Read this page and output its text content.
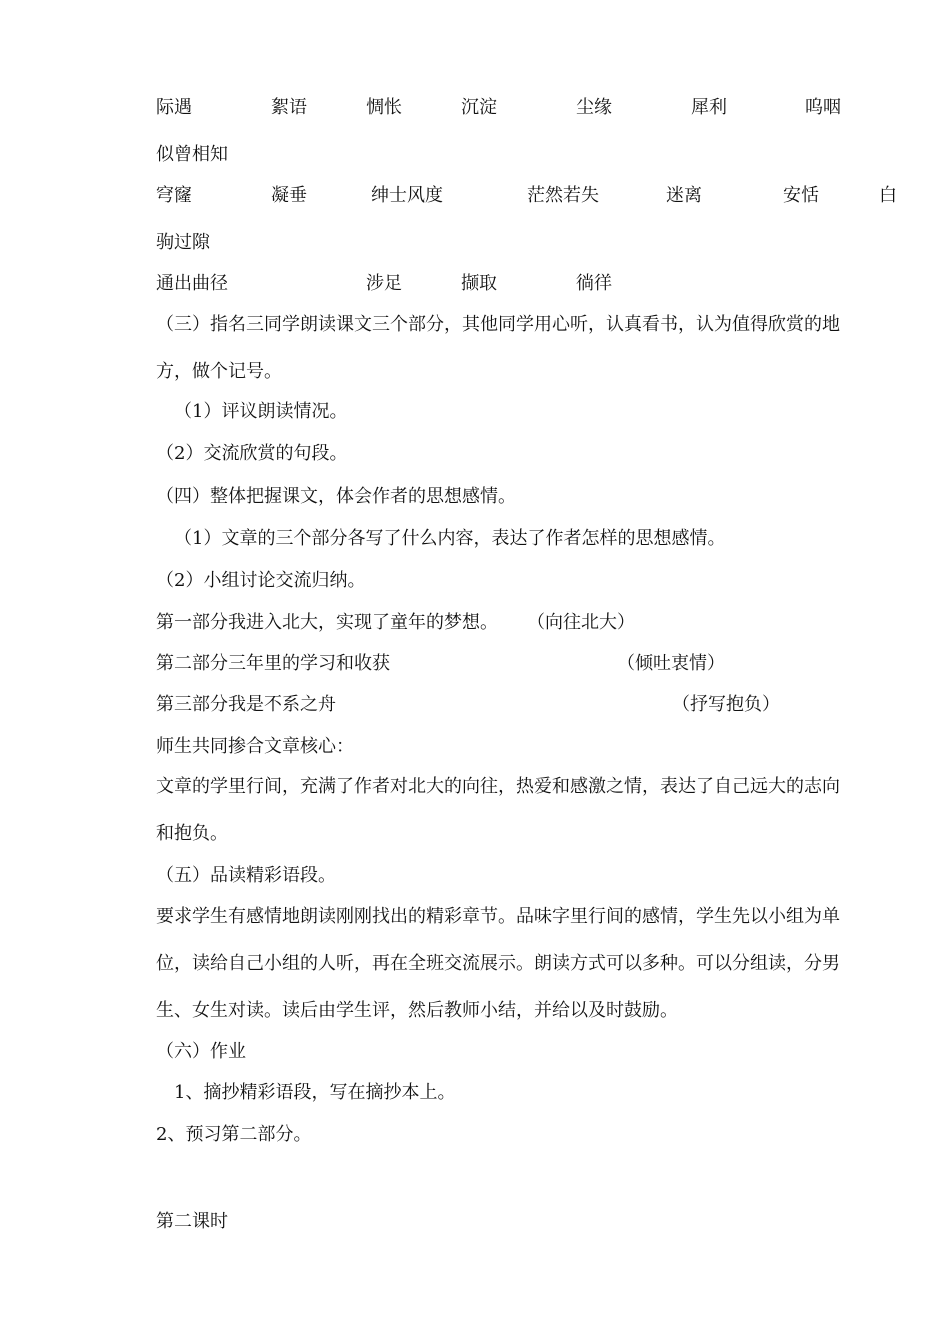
际遇	絮语	惆怅	沉淀	尘缘	犀利	呜咽
似曾相知
穹窿	凝垂	绅士风度	茫然若失	迷离	安恬	白
驹过隙
通出曲径	涉足	撷取	徜徉
（三）指名三同学朗读课文三个部分，其他同学用心听，认真看书，认为值得欣赏的地
方，做个记号。
（1）评议朗读情况。
（2）交流欣赏的句段。
（四）整体把握课文，体会作者的思想感情。
（1）文章的三个部分各写了什么内容，表达了作者怎样的思想感情。
（2）小组讨论交流归纳。
第一部分我进入北大，实现了童年的梦想。 （向往北大）
第二部分三年里的学习和收获	（倾吐衷情）
第三部分我是不系之舟	（抒写抱负）
师生共同掺合文章核心：
文章的学里行间，充满了作者对北大的向往，热爱和感激之情，表达了自己远大的志向
和抱负。
（五）品读精彩语段。
要求学生有感情地朗读刚刚找出的精彩章节。品味字里行间的感情，学生先以小组为单
位，读给自己小组的人听，再在全班交流展示。朗读方式可以多种。可以分组读，分男
生、女生对读。读后由学生评，然后教师小结，并给以及时鼓励。
（六）作业
1、摘抄精彩语段，写在摘抄本上。
2、预习第二部分。
第二课时
